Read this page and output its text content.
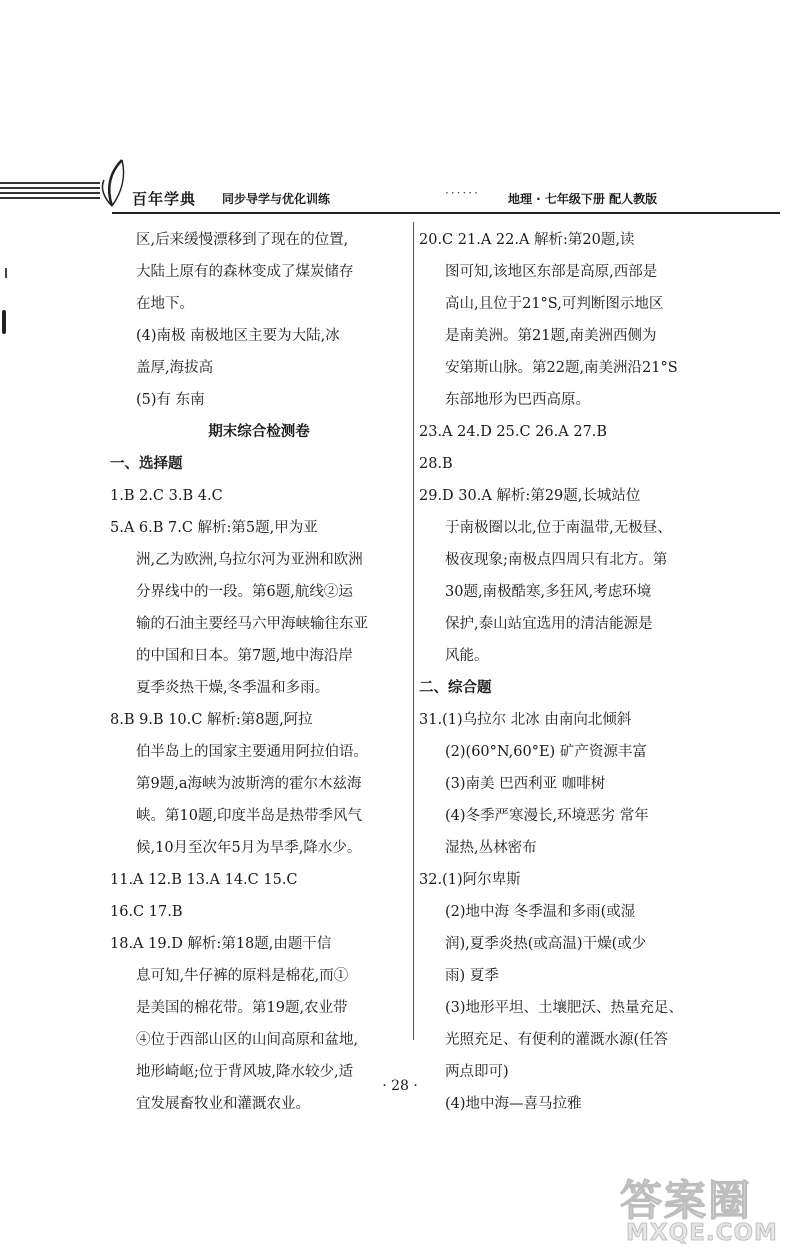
百年学典 同步导学与优化训练	······ 地理 · 七年级下册 配人教版
区,后来缓慢漂移到了现在的位置,
大陆上原有的森林变成了煤炭储存
在地下。
(4)南极 南极地区主要为大陆,冰
盖厚,海拔高
(5)有 东南
期末综合检测卷
一、选择题
1.B 2.C 3.B 4.C
5.A 6.B 7.C 解析:第5题,甲为亚
洲,乙为欧洲,乌拉尔河为亚洲和欧洲
分界线中的一段。第6题,航线②运
输的石油主要经马六甲海峡输往东亚
的中国和日本。第7题,地中海沿岸
夏季炎热干燥,冬季温和多雨。
8.B 9.B 10.C 解析:第8题,阿拉
伯半岛上的国家主要通用阿拉伯语。
第9题,a海峡为波斯湾的霍尔木兹海
峡。第10题,印度半岛是热带季风气
候,10月至次年5月为旱季,降水少。
11.A 12.B 13.A 14.C 15.C
16.C 17.B
18.A 19.D 解析:第18题,由题干信
息可知,牛仔裤的原料是棉花,而①
是美国的棉花带。第19题,农业带
④位于西部山区的山间高原和盆地,
地形崎岖;位于背风坡,降水较少,适
宜发展畜牧业和灌溉农业。
20.C 21.A 22.A 解析:第20题,读
图可知,该地区东部是高原,西部是
高山,且位于21°S,可判断图示地区
是南美洲。第21题,南美洲西侧为
安第斯山脉。第22题,南美洲沿21°S
东部地形为巴西高原。
23.A 24.D 25.C 26.A 27.B
28.B
29.D 30.A 解析:第29题,长城站位
于南极圈以北,位于南温带,无极昼、
极夜现象;南极点四周只有北方。第
30题,南极酷寒,多狂风,考虑环境
保护,泰山站宜选用的清洁能源是
风能。
二、综合题
31.(1)乌拉尔 北冰 由南向北倾斜
(2)(60°N,60°E) 矿产资源丰富
(3)南美 巴西利亚 咖啡树
(4)冬季严寒漫长,环境恶劣 常年
湿热,丛林密布
32.(1)阿尔卑斯
(2)地中海 冬季温和多雨(或湿
润),夏季炎热(或高温)干燥(或少
雨) 夏季
(3)地形平坦、土壤肥沃、热量充足、
光照充足、有便利的灌溉水源(任答
两点即可)
(4)地中海—喜马拉雅
· 28 ·
答案圈
MXQE.COM
